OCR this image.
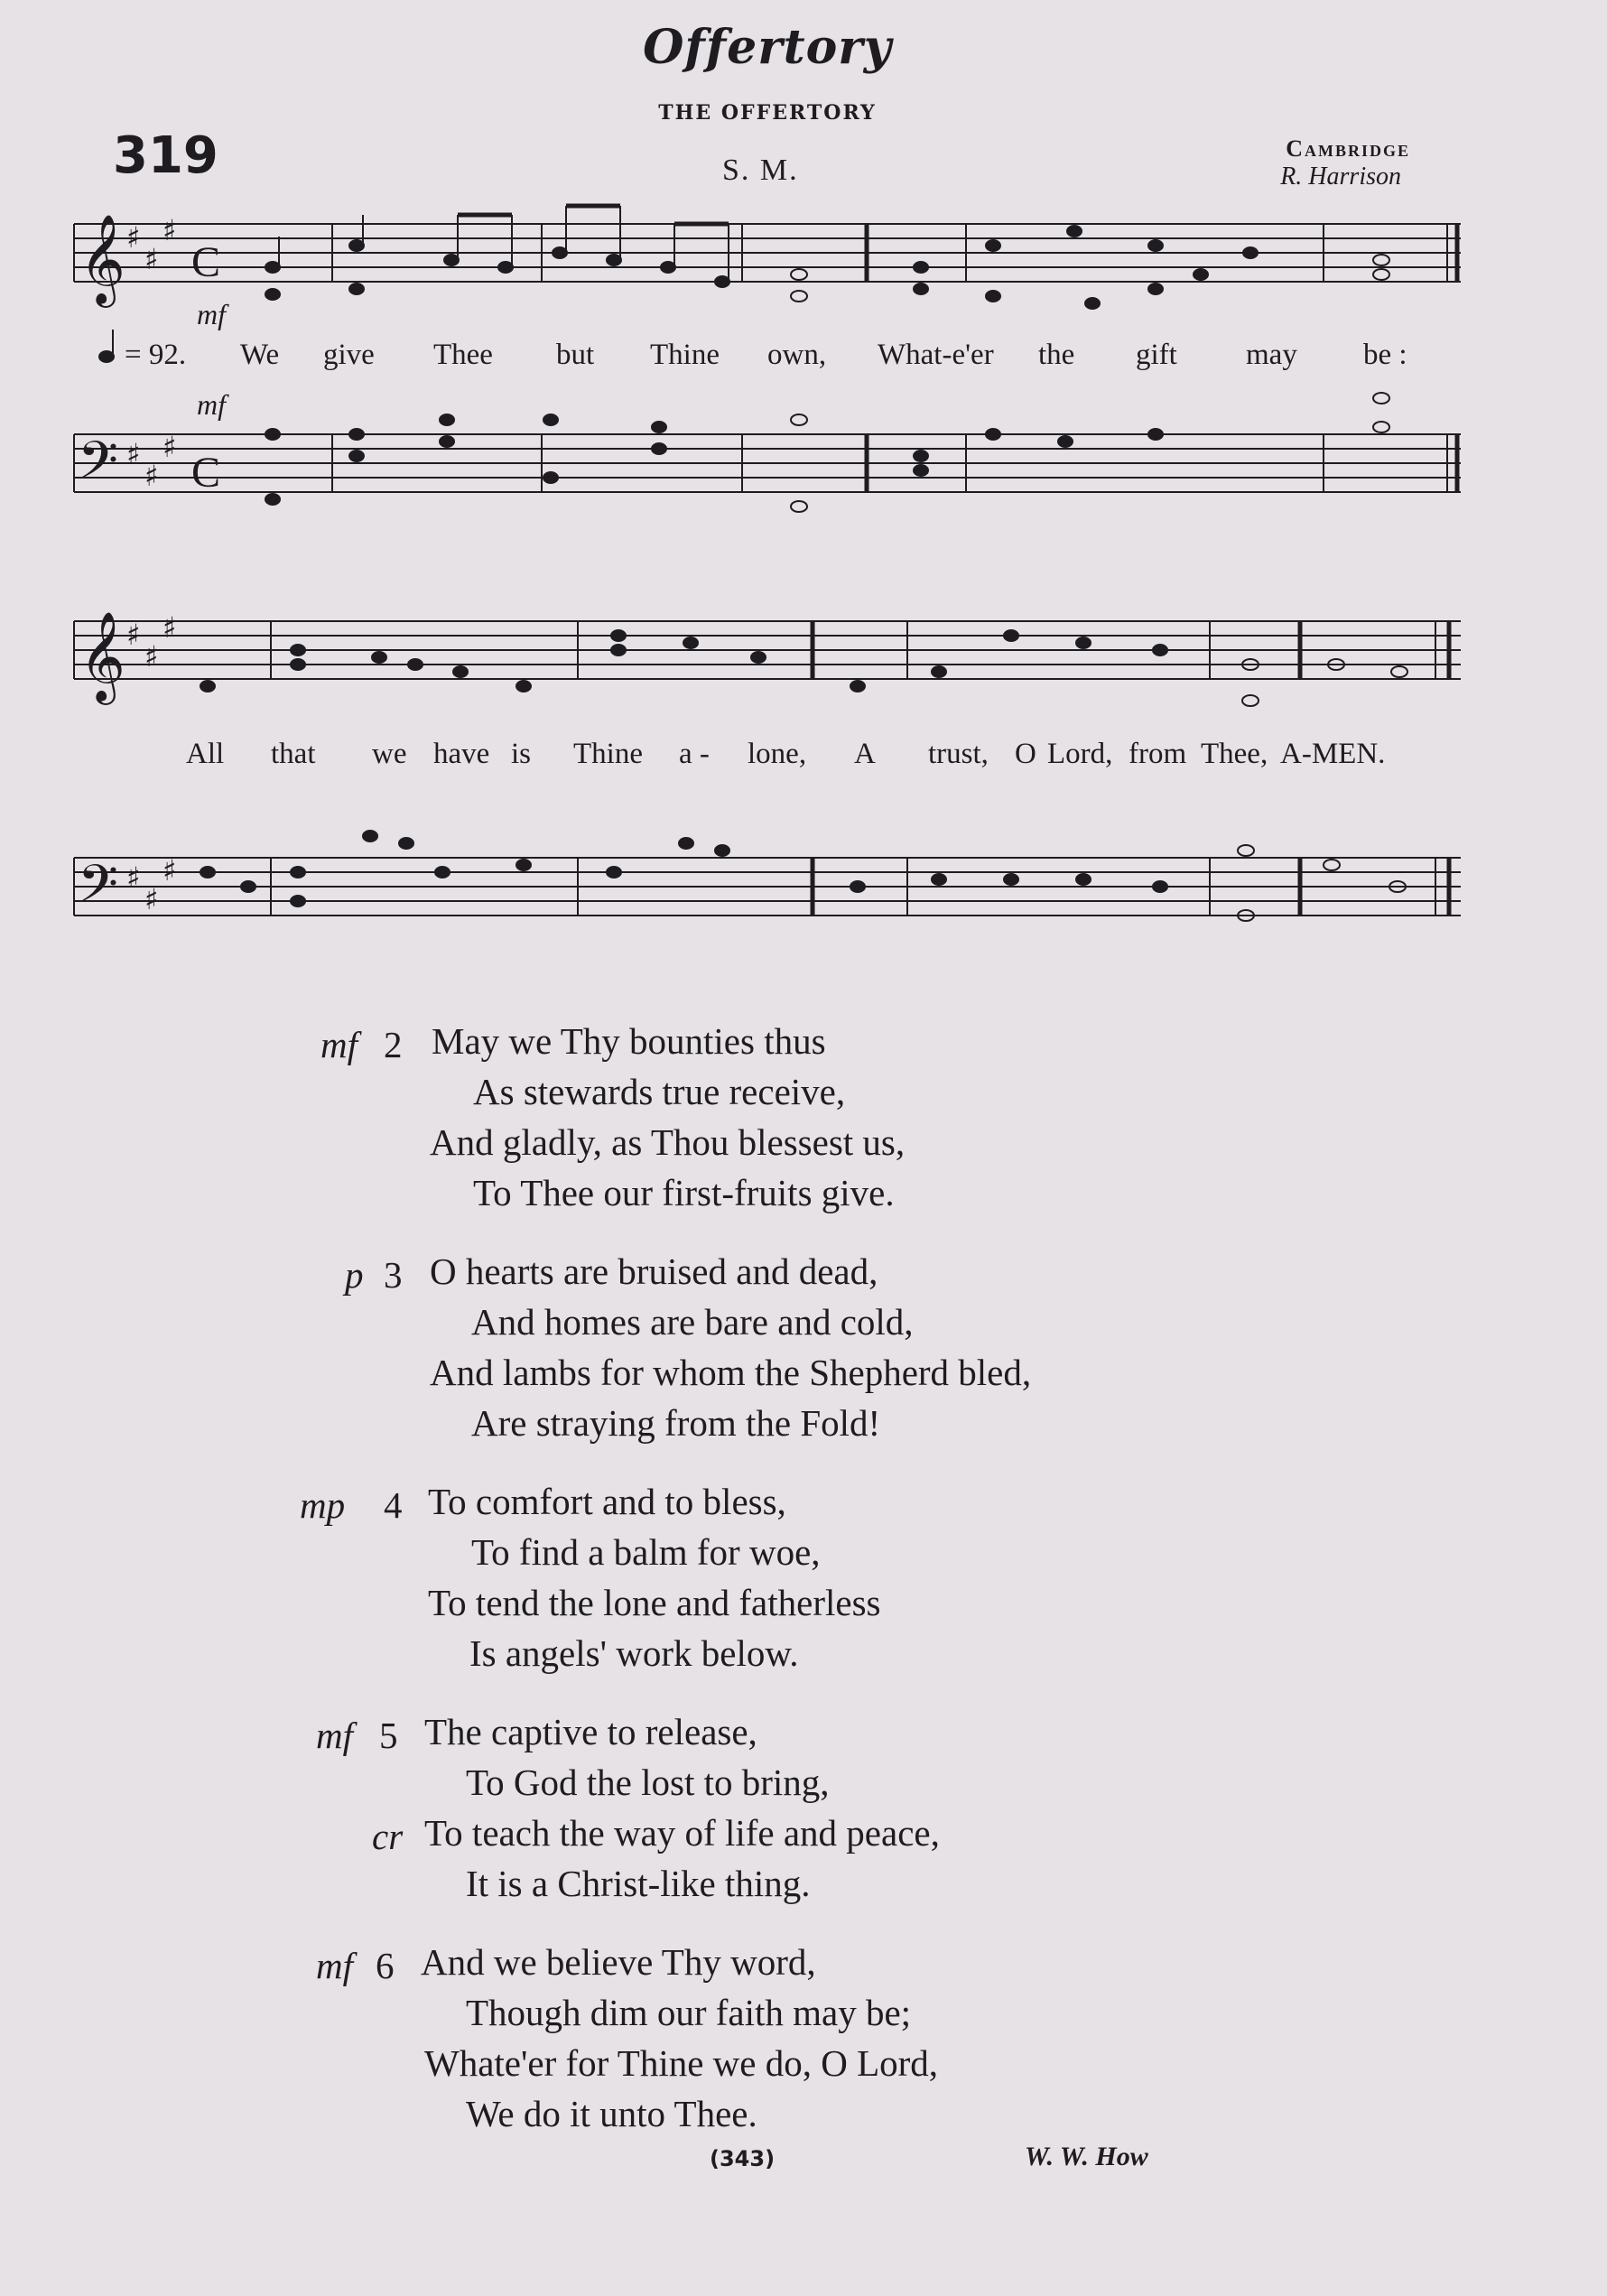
Offertory
THE OFFERTORY
319	S. M.
Cambridge
R. Harrison
𝄞
𝄢
𝄞
𝄢
♯
♯
♯
♯
♯
♯
♯
♯
♯
♯
♯
♯
C
C
mf
mf
= 92. We give Thee but Thine own, What-e'er the gift may be :
All that we have is Thine a - lone, A trust, O Lord, from Thee, A-MEN.
mf 2 May we Thy bounties thus
As stewards true receive,
And gladly, as Thou blessest us,
To Thee our first-fruits give.
p 3 O hearts are bruised and dead,
And homes are bare and cold,
And lambs for whom the Shepherd bled,
Are straying from the Fold!
mp 4 To comfort and to bless,
To find a balm for woe,
To tend the lone and fatherless
Is angels' work below.
mf 5 The captive to release,
To God the lost to bring,
cr To teach the way of life and peace,
It is a Christ-like thing.
mf 6 And we believe Thy word,
Though dim our faith may be;
Whate'er for Thine we do, O Lord,
We do it unto Thee.
(343)	W. W. How
